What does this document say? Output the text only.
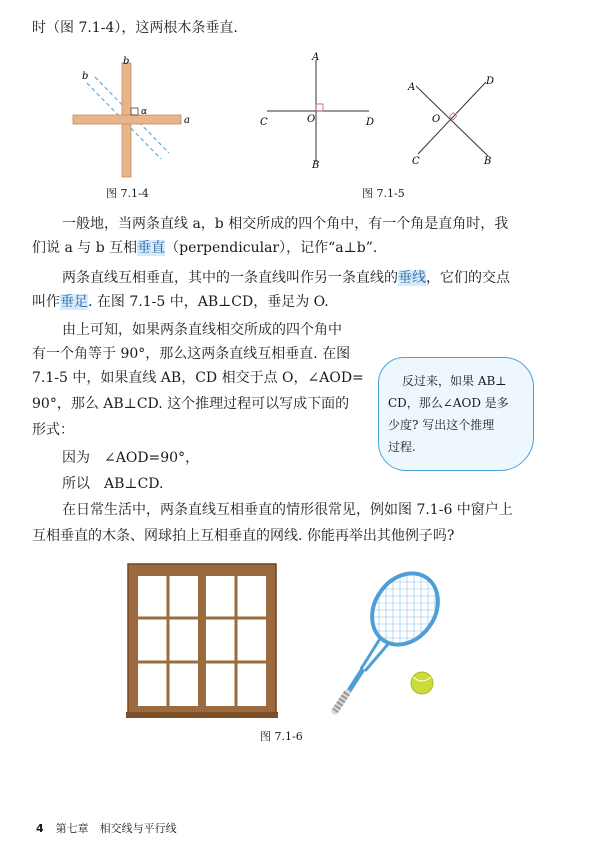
时（图 7.1-4），这两根木条垂直.
b
b
α
a
图 7.1-4
A
B
C	D
O
A
B
C
D
O
图 7.1-5
一般地，当两条直线 a，b 相交所成的四个角中，有一个角是直角时，我
们说 a 与 b 互相垂直（perpendicular），记作“a⊥b”.
两条直线互相垂直，其中的一条直线叫作另一条直线的垂线，它们的交点
叫作垂足. 在图 7.1-5 中，AB⊥CD，垂足为 O.
由上可知，如果两条直线相交所成的四个角中
有一个角等于 90°，那么这两条直线互相垂直. 在图
7.1-5 中，如果直线 AB，CD 相交于点 O，∠AOD=
90°，那么 AB⊥CD. 这个推理过程可以写成下面的
形式：
因为　∠AOD=90°，
所以　AB⊥CD.
反过来，如果 AB⊥
CD，那么∠AOD 是多
少度? 写出这个推理
过程.
在日常生活中，两条直线互相垂直的情形很常见，例如图 7.1-6 中窗户上
互相垂直的木条、网球拍上互相垂直的网线. 你能再举出其他例子吗?
图 7.1-6
4 第七章　相交线与平行线
